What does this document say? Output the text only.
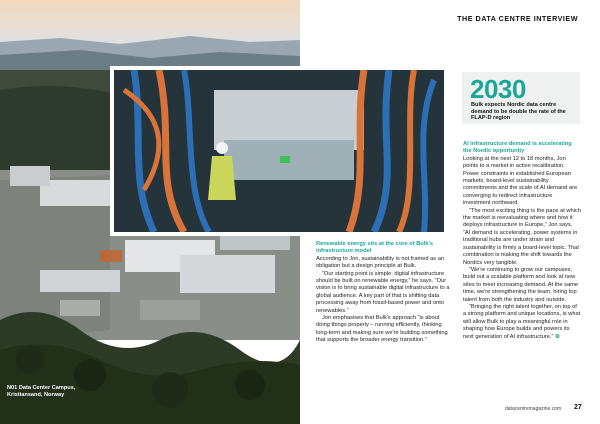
N01 Data Center Campus,
Kristiansand, Norway
THE DATA CENTRE INTERVIEW
2030
Bulk expects Nordic data centre demand to be double the rate of the FLAP-D region

Renewable energy sits at the core of Bulk's infrastructure model

According to Jon, sustainability is not framed as an obligation but a design principle at Bulk.

“Our starting point is simple: digital infrastructure should be built on renewable energy,” he says. “Our vision is to bring sustainable digital infrastructure to a global audience. A key part of that is shifting data processing away from fossil-based power and onto renewables.”

Jon emphasises that Bulk's approach “is about doing things properly – running efficiently, thinking long-term and making sure we're building something that supports the broader energy transition.”

AI infrastructure demand is accelerating the Nordic opportunity

Looking at the next 12 to 18 months, Jon points to a market in active recalibration. Power constraints in established European markets, board-level sustainability commitments and the scale of AI demand are converging to redirect infrastructure investment northward.

“The most exciting thing is the pace at which the market is reevaluating where and how it deploys infrastructure in Europe,” Jon says. “AI demand is accelerating, power systems in traditional hubs are under strain and sustainability is firmly a board-level topic. That combination is making the shift towards the Nordics very tangible.

“We're continuing to grow our campuses, build out a scalable platform and look at new sites to meet increasing demand. At the same time, we're strengthening the team, hiring top talent from both the industry and outside.

“Bringing the right talent together, on top of a strong platform and unique locations, is what will allow Bulk to play a meaningful role in shaping how Europe builds and powers its next generation of AI infrastructure.” ⚙

datacentremagazine.com 27
